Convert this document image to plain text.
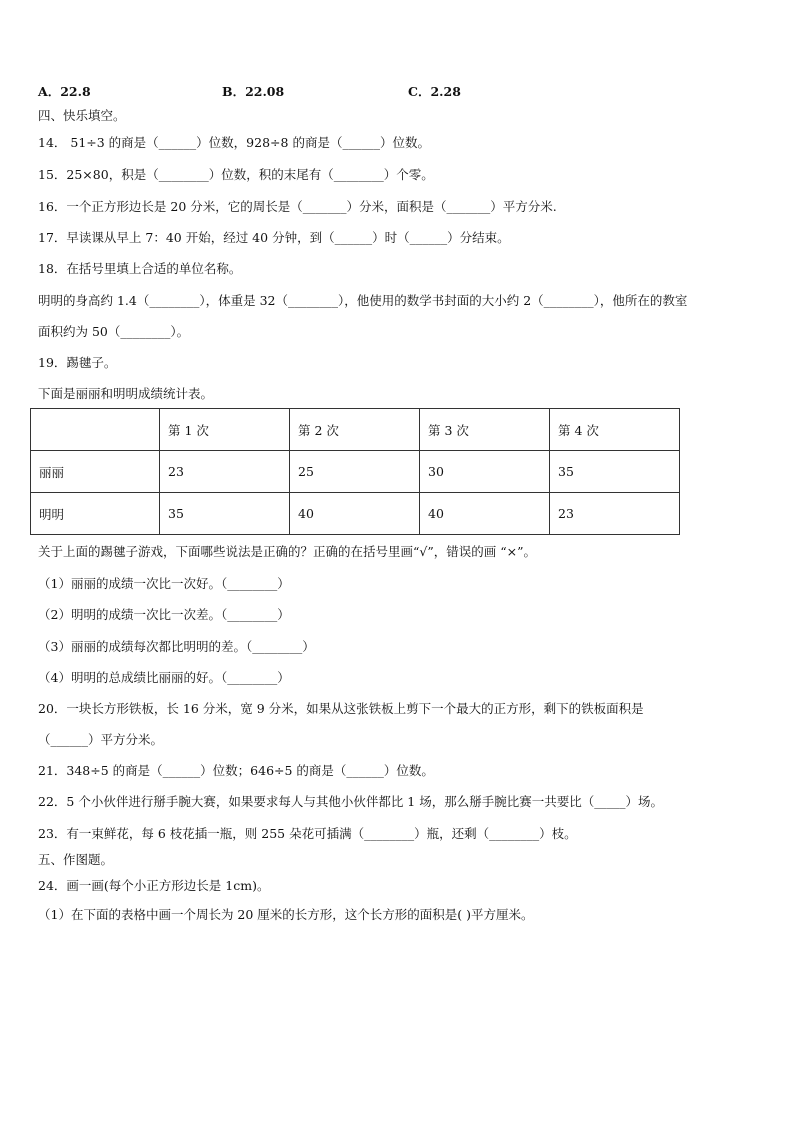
A．22.8	B．22.08	C．2.28
四、快乐填空。
14． 51÷3 的商是（______）位数，928÷8 的商是（______）位数。
15．25×80，积是（________）位数，积的末尾有（________）个零。
16．一个正方形边长是 20 分米，它的周长是（_______）分米，面积是（_______）平方分米.
17．早读课从早上 7：40 开始，经过 40 分钟，到（______）时（______）分结束。
18．在括号里填上合适的单位名称。
明明的身高约 1.4（________），体重是 32（________），他使用的数学书封面的大小约 2（________），他所在的教室
面积约为 50（________）。
19．踢毽子。
下面是丽丽和明明成绩统计表。
	第 1 次	第 2 次	第 3 次	第 4 次
丽丽	23	25	30	35
明明	35	40	40	23
关于上面的踢毽子游戏，下面哪些说法是正确的？正确的在括号里画“√”，错误的画 “×”。
（1）丽丽的成绩一次比一次好。（________）
（2）明明的成绩一次比一次差。（________）
（3）丽丽的成绩每次都比明明的差。（________）
（4）明明的总成绩比丽丽的好。（________）
20．一块长方形铁板，长 16 分米，宽 9 分米，如果从这张铁板上剪下一个最大的正方形，剩下的铁板面积是
（______）平方分米。
21．348÷5 的商是（______）位数；646÷5 的商是（______）位数。
22．5 个小伙伴进行掰手腕大赛，如果要求每人与其他小伙伴都比 1 场，那么掰手腕比赛一共要比（_____）场。
23．有一束鲜花，每 6 枝花插一瓶，则 255 朵花可插满（________）瓶，还剩（________）枝。
五、作图题。
24．画一画(每个小正方形边长是 1cm)。
（1）在下面的表格中画一个周长为 20 厘米的长方形，这个长方形的面积是( )平方厘米。
